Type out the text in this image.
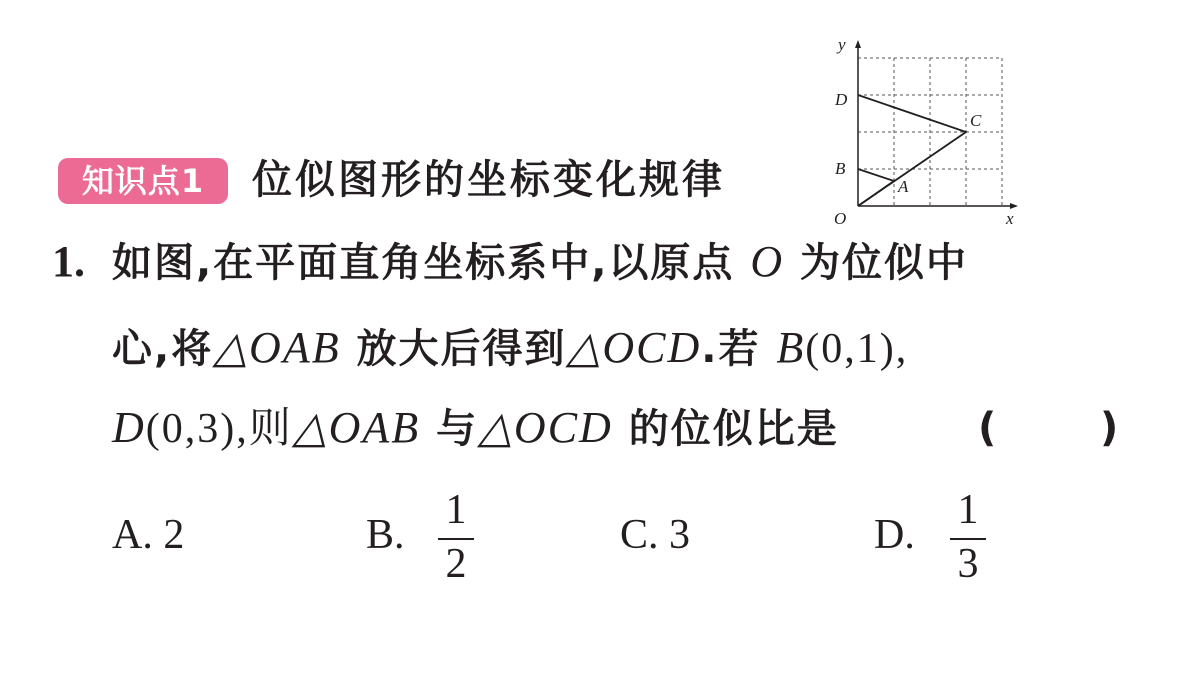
知识点1	位似图形的坐标变化规律
D
C
B
A
O	x
y
1. 如图,在平面直角坐标系中,以原点 O 为位似中
心,将△OAB 放大后得到△OCD.若 B(0,1),
D(0,3),则△OAB 与△OCD 的位似比是	(	)
A. 2	B.
1
2
C. 3	D.
1
3
